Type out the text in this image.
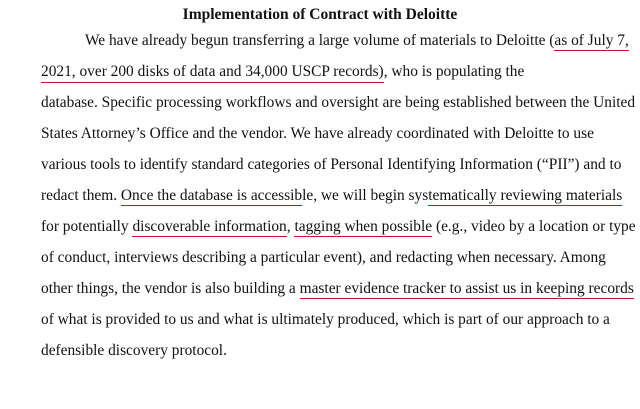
Implementation of Contract with Deloitte
We have already begun transferring a large volume of materials to Deloitte (as of July 7,
2021, over 200 disks of data and 34,000 USCP records), who is populating the
database. Specific processing workflows and oversight are being established between the United
States Attorney’s Office and the vendor. We have already coordinated with Deloitte to use
various tools to identify standard categories of Personal Identifying Information (“PII”) and to
redact them. Once the database is accessible, we will begin systematically reviewing materials
for potentially discoverable information, tagging when possible (e.g., video by a location or type
of conduct, interviews describing a particular event), and redacting when necessary. Among
other things, the vendor is also building a master evidence tracker to assist us in keeping records
of what is provided to us and what is ultimately produced, which is part of our approach to a
defensible discovery protocol.
